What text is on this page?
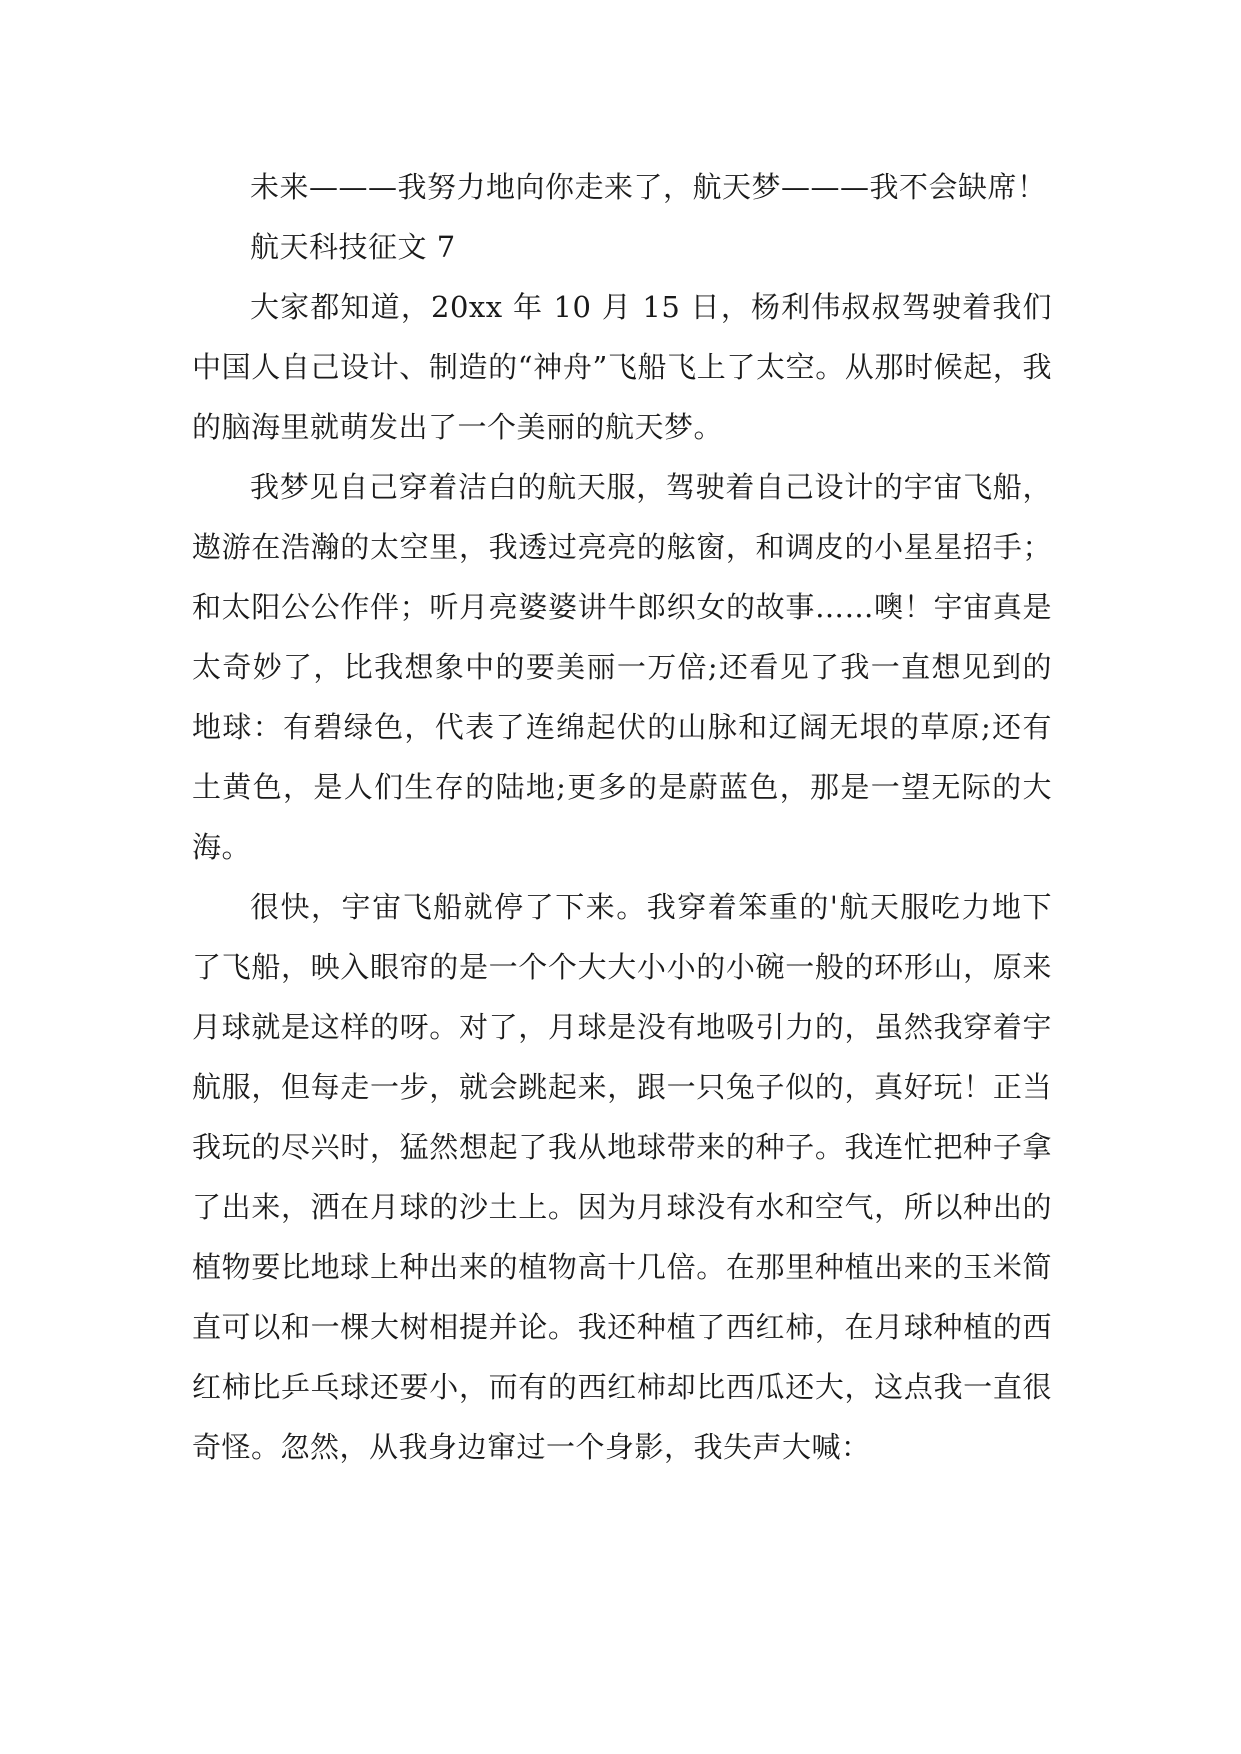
未来———我努力地向你走来了，航天梦———我不会缺席！

航天科技征文 7

大家都知道，20xx 年 10 月 15 日，杨利伟叔叔驾驶着我们中国人自己设计、制造的“神舟”飞船飞上了太空。从那时候起，我的脑海里就萌发出了一个美丽的航天梦。

我梦见自己穿着洁白的航天服，驾驶着自己设计的宇宙飞船，遨游在浩瀚的太空里，我透过亮亮的舷窗，和调皮的小星星招手；和太阳公公作伴；听月亮婆婆讲牛郎织女的故事……噢！宇宙真是太奇妙了，比我想象中的要美丽一万倍;还看见了我一直想见到的地球：有碧绿色，代表了连绵起伏的山脉和辽阔无垠的草原;还有土黄色，是人们生存的陆地;更多的是蔚蓝色，那是一望无际的大海。

很快，宇宙飞船就停了下来。我穿着笨重的'航天服吃力地下了飞船，映入眼帘的是一个个大大小小的小碗一般的环形山，原来月球就是这样的呀。对了，月球是没有地吸引力的，虽然我穿着宇航服，但每走一步，就会跳起来，跟一只兔子似的，真好玩！正当我玩的尽兴时，猛然想起了我从地球带来的种子。我连忙把种子拿了出来，洒在月球的沙土上。因为月球没有水和空气，所以种出的植物要比地球上种出来的植物高十几倍。在那里种植出来的玉米简直可以和一棵大树相提并论。我还种植了西红柿，在月球种植的西红柿比乒乓球还要小，而有的西红柿却比西瓜还大，这点我一直很奇怪。忽然，从我身边窜过一个身影，我失声大喊：
